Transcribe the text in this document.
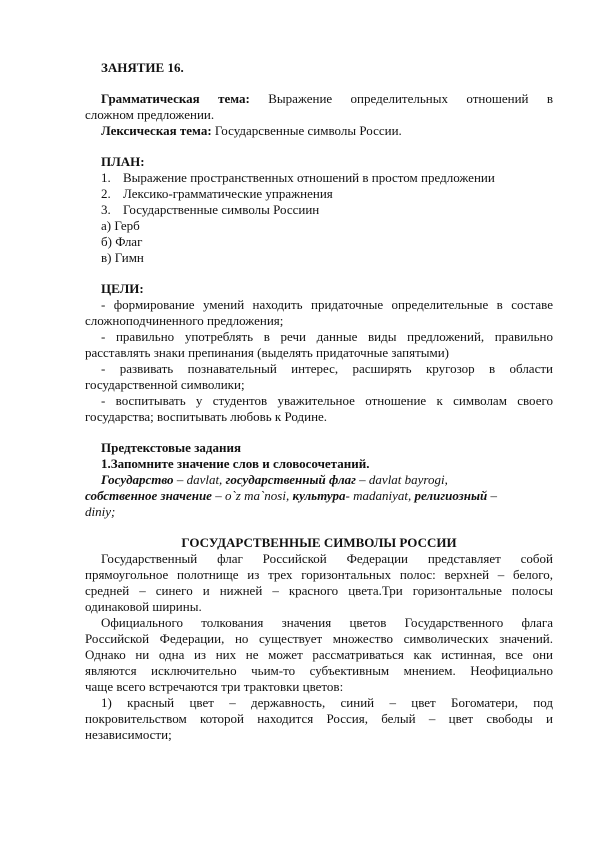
ЗАНЯТИЕ 16.
Грамматическая тема: Выражение определительных отношений в
сложном предложении.
Лексическая тема: Государсвенные символы России.
ПЛАН:
1. Выражение пространственных отношений в простом предложении
2. Лексико-грамматические упражнения
3. Государственные символы Россиин
а) Герб
б) Флаг
в) Гимн
ЦЕЛИ:
- формирование умений находить придаточные определительные в составе
сложноподчиненного предложения;
- правильно употреблять в речи данные виды предложений, правильно
расставлять знаки препинания (выделять придаточные запятыми)
- развивать познавательный интерес, расширять кругозор в области
государственной символики;
- воспитывать у студентов уважительное отношение к символам своего
государства; воспитывать любовь к Родине.
Предтекстовые задания
1.Запомните значение слов и словосочетаний.
Государство – davlat, государственный флаг – davlat bayrogi,
собственное значение – o`z ma`nosi, культура- madaniyat, религиозный –
diniy;
ГОСУДАРСТВЕННЫЕ СИМВОЛЫ РОССИИ
Государственный флаг Российской Федерации представляет собой
прямоугольное полотнище из трех горизонтальных полос: верхней – белого,
средней – синего и нижней – красного цвета.Три горизонтальные полосы
одинаковой ширины.
Официального толкования значения цветов Государственного флага
Российской Федерации, но существует множество символических значений.
Однако ни одна из них не может рассматриваться как истинная, все они
являются исключительно чьим-то субъективным мнением. Неофициально
чаще всего встречаются три трактовки цветов:
1) красный цвет – державность, синий – цвет Богоматери, под
покровительством которой находится Россия, белый – цвет свободы и
независимости;
